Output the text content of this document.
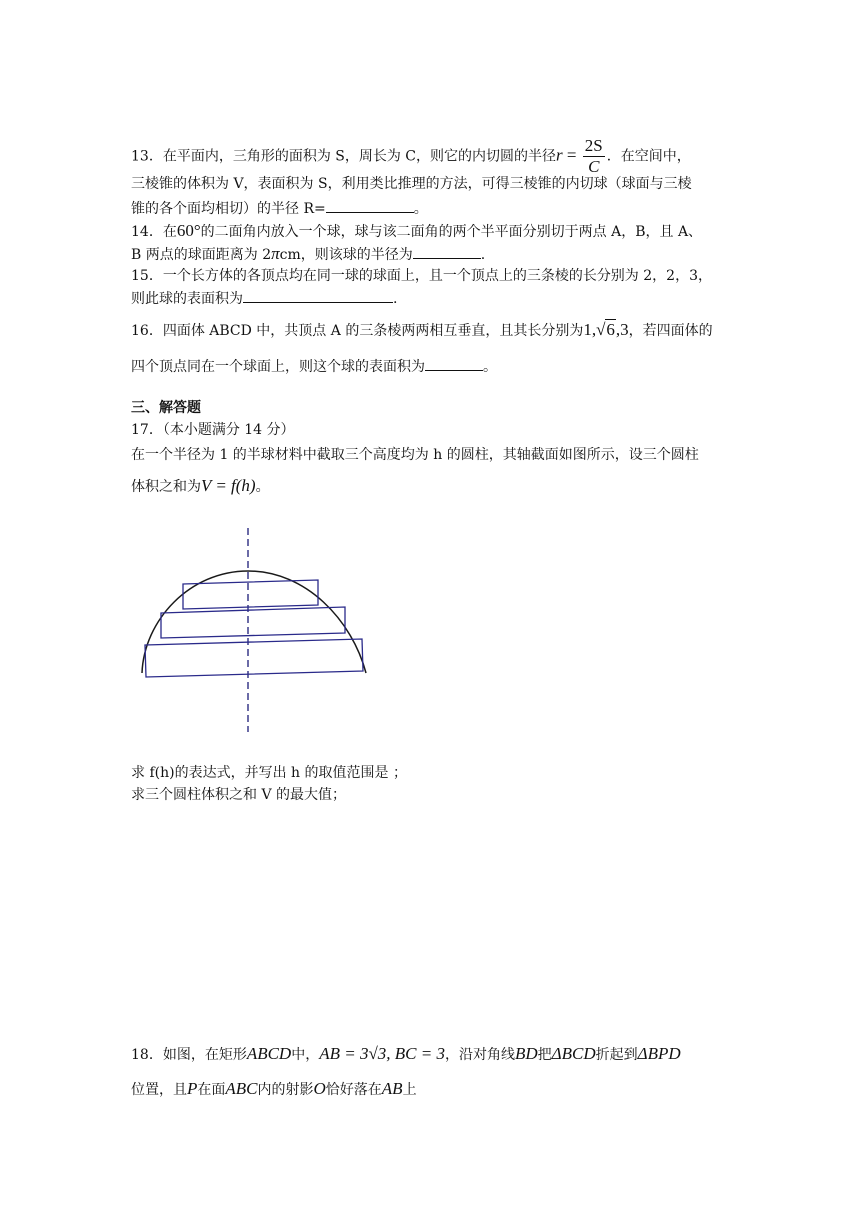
13．在平面内，三角形的面积为 S，周长为 C，则它的内切圆的半径$r = \frac{2S}{C}$ ．在空间中，
三棱锥的体积为 V，表面积为 S，利用类比推理的方法，可得三棱锥的内切球（球面与三棱
锥的各个面均相切）的半径 R=	。
14．在60°的二面角内放入一个球，球与该二面角的两个半平面分别切于两点 A，B，且 A、
B 两点的球面距离为 2πcm，则该球的半径为	.
15．一个长方体的各顶点均在同一球的球面上，且一个顶点上的三条棱的长分别为 2，2，3，
则此球的表面积为	.
16．四面体 ABCD 中，共顶点 A 的三条棱两两相互垂直，且其长分别为1,√6,3，若四面体的
四个顶点同在一个球面上，则这个球的表面积为	。
三、解答题
17．（本小题满分 14 分）
在一个半径为 1 的半球材料中截取三个高度均为 h 的圆柱，其轴截面如图所示，设三个圆柱
体积之和为V = f(h)。
求 f(h)的表达式，并写出 h 的取值范围是 ；
求三个圆柱体积之和 V 的最大值；
18．如图，在矩形ABCD中，AB = 3√3, BC = 3，沿对角线BD把ΔBCD折起到ΔBPD
位置，且P在面ABC内的射影O恰好落在AB上
